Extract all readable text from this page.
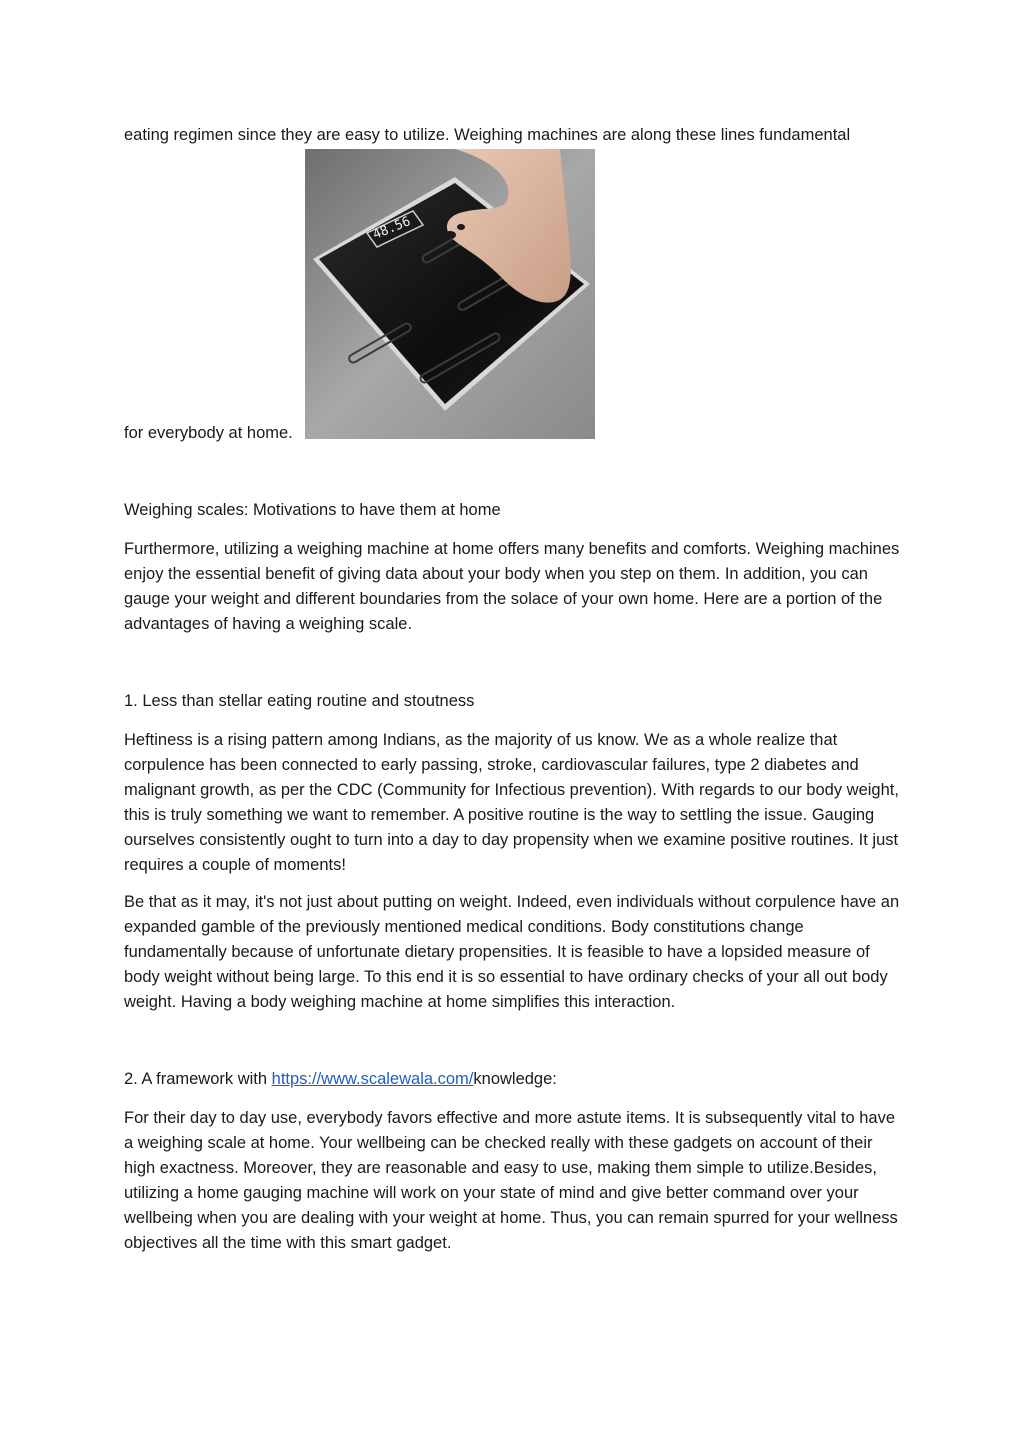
eating regimen since they are easy to utilize. Weighing machines are along these lines fundamental
48.56
for everybody at home.
Weighing scales: Motivations to have them at home

Furthermore, utilizing a weighing machine at home offers many benefits and comforts. Weighing machines enjoy the essential benefit of giving data about your body when you step on them. In addition, you can gauge your weight and different boundaries from the solace of your own home. Here are a portion of the advantages of having a weighing scale.

1. Less than stellar eating routine and stoutness

Heftiness is a rising pattern among Indians, as the majority of us know. We as a whole realize that corpulence has been connected to early passing, stroke, cardiovascular failures, type 2 diabetes and malignant growth, as per the CDC (Community for Infectious prevention). With regards to our body weight, this is truly something we want to remember. A positive routine is the way to settling the issue. Gauging ourselves consistently ought to turn into a day to day propensity when we examine positive routines. It just requires a couple of moments!

Be that as it may, it's not just about putting on weight. Indeed, even individuals without corpulence have an expanded gamble of the previously mentioned medical conditions. Body constitutions change fundamentally because of unfortunate dietary propensities. It is feasible to have a lopsided measure of body weight without being large. To this end it is so essential to have ordinary checks of your all out body weight. Having a body weighing machine at home simplifies this interaction.

2. A framework with https://www.scalewala.com/knowledge:

For their day to day use, everybody favors effective and more astute items. It is subsequently vital to have a weighing scale at home. Your wellbeing can be checked really with these gadgets on account of their high exactness. Moreover, they are reasonable and easy to use, making them simple to utilize.Besides, utilizing a home gauging machine will work on your state of mind and give better command over your wellbeing when you are dealing with your weight at home. Thus, you can remain spurred for your wellness objectives all the time with this smart gadget.
